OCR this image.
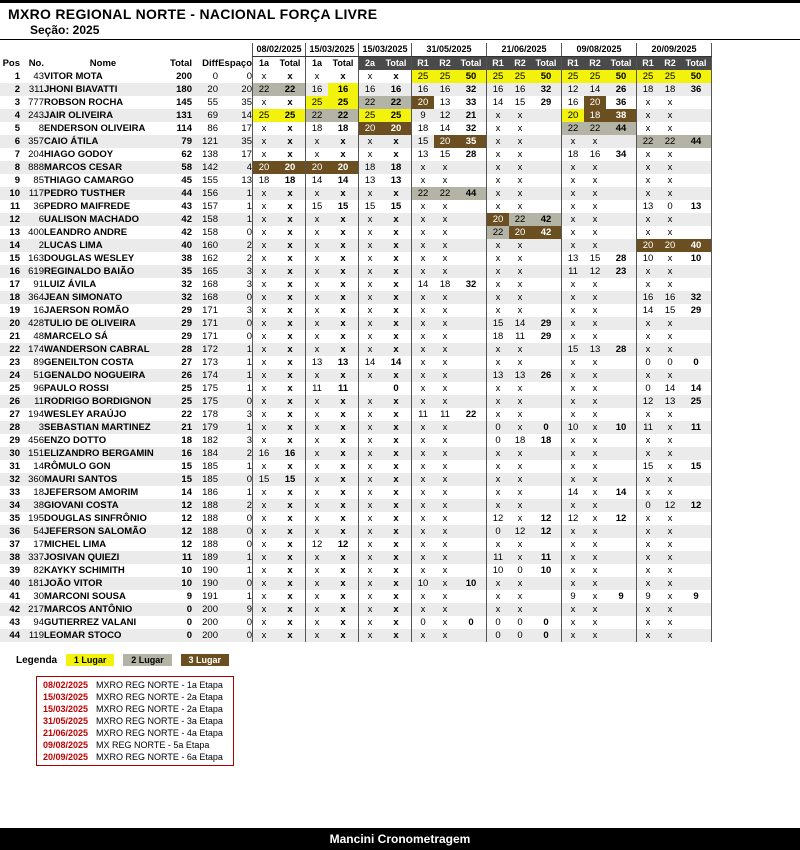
MXRO REGIONAL NORTE - NACIONAL FORÇA LIVRE
Seção: 2025
						08/02/2025		15/03/2025		15/03/2025		31/05/2025			21/06/2025			09/08/2025			20/09/2025		
Pos	No.	Nome	Total	Diff	Espaço	1a	Total	1a	Total	2a	Total	R1	R2	Total	R1	R2	Total	R1	R2	Total	R1	R2	Total
1	43	VITOR MOTA	200	0	0	x	x	x	x	x	x	25	25	50	25	25	50	25	25	50	25	25	50
2	311	JHONI BIAVATTI	180	20	20	22	22	16	16	16	16	16	16	32	16	16	32	12	14	26	18	18	36
3	777	ROBSON ROCHA	145	55	35	x	x	25	25	22	22	20	13	33	14	15	29	16	20	36	x	x	
4	243	JAIR OLIVEIRA	131	69	14	25	25	22	22	25	25	9	12	21	x	x		20	18	38	x	x	
5	8	ENDERSON OLIVEIRA	114	86	17	x	x	18	18	20	20	18	14	32	x	x		22	22	44	x	x	
6	357	CAIO ÁTILA	79	121	35	x	x	x	x	x	x	15	20	35	x	x		x	x		22	22	44
7	204	HIAGO GODOY	62	138	17	x	x	x	x	x	x	13	15	28	x	x		18	16	34	x	x	
8	888	MARCOS CESAR	58	142	4	20	20	20	20	18	18	x	x		x	x		x	x		x	x	
9	85	THIAGO CAMARGO	45	155	13	18	18	14	14	13	13	x	x		x	x		x	x		x	x	
10	117	PEDRO TUSTHER	44	156	1	x	x	x	x	x	x	22	22	44	x	x		x	x		x	x	
11	36	PEDRO MAIFREDE	43	157	1	x	x	15	15	15	15	x	x		x	x		x	x		13	0	13
12	6	UALISON MACHADO	42	158	1	x	x	x	x	x	x	x	x		20	22	42	x	x		x	x	
13	400	LEANDRO ANDRE	42	158	0	x	x	x	x	x	x	x	x		22	20	42	x	x		x	x	
14	2	LUCAS LIMA	40	160	2	x	x	x	x	x	x	x	x		x	x		x	x		20	20	40
15	163	DOUGLAS WESLEY	38	162	2	x	x	x	x	x	x	x	x		x	x		13	15	28	10	x	10
16	619	REGINALDO BAIÃO	35	165	3	x	x	x	x	x	x	x	x		x	x		11	12	23	x	x	
17	91	LUIZ ÁVILA	32	168	3	x	x	x	x	x	x	14	18	32	x	x		x	x		x	x	
18	364	JEAN SIMONATO	32	168	0	x	x	x	x	x	x	x	x		x	x		x	x		16	16	32
19	16	JAERSON ROMÃO	29	171	3	x	x	x	x	x	x	x	x		x	x		x	x		14	15	29
20	428	TULIO DE OLIVEIRA	29	171	0	x	x	x	x	x	x	x	x		15	14	29	x	x		x	x	
21	48	MARCELO SÁ	29	171	0	x	x	x	x	x	x	x	x		18	11	29	x	x		x	x	
22	174	WANDERSON CABRAL	28	172	1	x	x	x	x	x	x	x	x		x	x		15	13	28	x	x	
23	89	GENEILTON COSTA	27	173	1	x	x	13	13	14	14	x	x		x	x		x	x		0	0	0
24	51	GENALDO NOGUEIRA	26	174	1	x	x	x	x	x	x	x	x		13	13	26	x	x		x	x	
25	96	PAULO ROSSI	25	175	1	x	x	11	11		0	x	x		x	x		x	x		0	14	14
26	11	RODRIGO BORDIGNON	25	175	0	x	x	x	x	x	x	x	x		x	x		x	x		12	13	25
27	194	WESLEY ARAÚJO	22	178	3	x	x	x	x	x	x	11	11	22	x	x		x	x		x	x	
28	3	SEBASTIAN MARTINEZ	21	179	1	x	x	x	x	x	x	x	x		0	x	0	10	x	10	11	x	11
29	456	ENZO DOTTO	18	182	3	x	x	x	x	x	x	x	x		0	18	18	x	x		x	x	
30	151	ELIZANDRO BERGAMIN	16	184	2	16	16	x	x	x	x	x	x		x	x		x	x		x	x	
31	14	RÔMULO GON	15	185	1	x	x	x	x	x	x	x	x		x	x		x	x		15	x	15
32	360	MAURI SANTOS	15	185	0	15	15	x	x	x	x	x	x		x	x		x	x		x	x	
33	18	JEFERSOM AMORIM	14	186	1	x	x	x	x	x	x	x	x		x	x		14	x	14	x	x	
34	38	GIOVANI COSTA	12	188	2	x	x	x	x	x	x	x	x		x	x		x	x		0	12	12
35	195	DOUGLAS SINFRÔNIO	12	188	0	x	x	x	x	x	x	x	x		12	x	12	12	x	12	x	x	
36	54	JEFERSON SALOMÃO	12	188	0	x	x	x	x	x	x	x	x		0	12	12	x	x		x	x	
37	17	MICHEL LIMA	12	188	0	x	x	12	12	x	x	x	x		x	x		x	x		x	x	
38	337	JOSIVAN QUIEZI	11	189	1	x	x	x	x	x	x	x	x		11	x	11	x	x		x	x	
39	82	KAYKY SCHIMITH	10	190	1	x	x	x	x	x	x	x	x		10	0	10	x	x		x	x	
40	181	JOÃO VITOR	10	190	0	x	x	x	x	x	x	10	x	10	x	x		x	x		x	x	
41	30	MARCONI SOUSA	9	191	1	x	x	x	x	x	x	x	x		x	x		9	x	9	9	x	9
42	217	MARCOS ANTÔNIO	0	200	9	x	x	x	x	x	x	x	x		x	x		x	x		x	x	
43	94	GUTIERREZ VALANI	0	200	0	x	x	x	x	x	x	0	x	0	0	0	0	x	x		x	x	
44	119	LEOMAR STOCO	0	200	0	x	x	x	x	x	x	x	x		0	0	0	x	x		x	x	
Legenda 1 Lugar	2 Lugar	3 Lugar
08/02/2025	MXRO REG NORTE - 1a Etapa
15/03/2025	MXRO REG NORTE - 2a Etapa
15/03/2025	MXRO REG NORTE - 2a Etapa
31/05/2025	MXRO REG NORTE - 3a Etapa
21/06/2025	MXRO REG NORTE - 4a Etapa
09/08/2025	MX REG NORTE - 5a Etapa
20/09/2025	MXRO REG NORTE - 6a Etapa
Mancini Cronometragem
